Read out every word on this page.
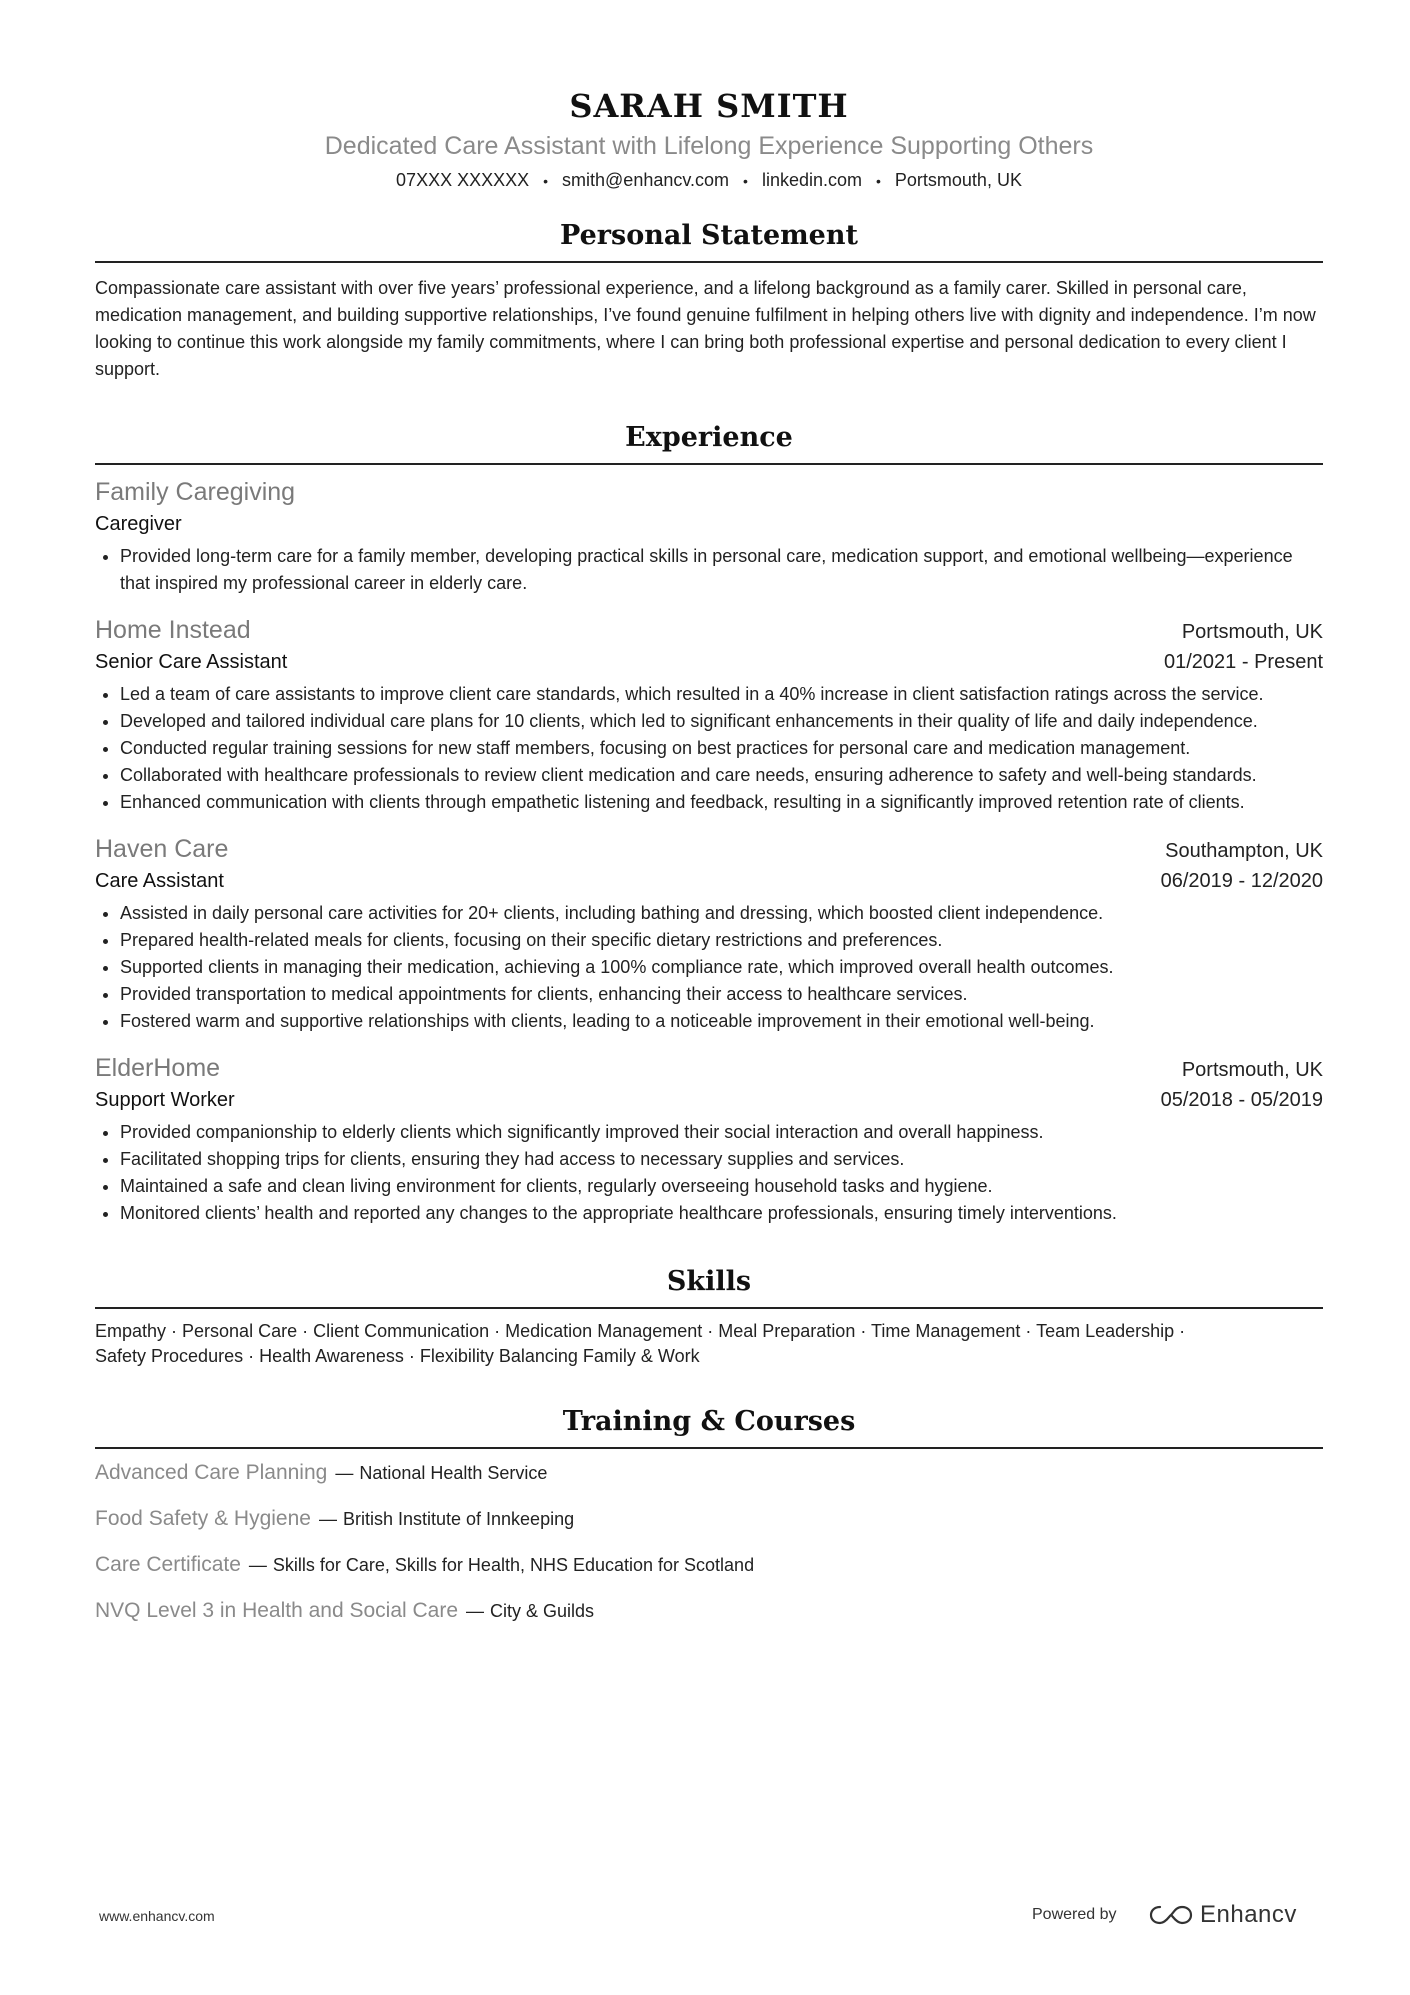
SARAH SMITH
Dedicated Care Assistant with Lifelong Experience Supporting Others
07XXX XXXXXX • smith@enhancv.com • linkedin.com • Portsmouth, UK
Personal Statement
Compassionate care assistant with over five years’ professional experience, and a lifelong background as a family carer. Skilled in personal care, medication management, and building supportive relationships, I’ve found genuine fulfilment in helping others live with dignity and independence. I’m now looking to continue this work alongside my family commitments, where I can bring both professional expertise and personal dedication to every client I support.
Experience
Family Caregiving
Caregiver
• Provided long-term care for a family member, developing practical skills in personal care, medication support, and emotional wellbeing—experience that inspired my professional career in elderly care.
Home Instead	Portsmouth, UK
Senior Care Assistant	01/2021 - Present
• Led a team of care assistants to improve client care standards, which resulted in a 40% increase in client satisfaction ratings across the service.
• Developed and tailored individual care plans for 10 clients, which led to significant enhancements in their quality of life and daily independence.
• Conducted regular training sessions for new staff members, focusing on best practices for personal care and medication management.
• Collaborated with healthcare professionals to review client medication and care needs, ensuring adherence to safety and well-being standards.
• Enhanced communication with clients through empathetic listening and feedback, resulting in a significantly improved retention rate of clients.
Haven Care	Southampton, UK
Care Assistant	06/2019 - 12/2020
• Assisted in daily personal care activities for 20+ clients, including bathing and dressing, which boosted client independence.
• Prepared health-related meals for clients, focusing on their specific dietary restrictions and preferences.
• Supported clients in managing their medication, achieving a 100% compliance rate, which improved overall health outcomes.
• Provided transportation to medical appointments for clients, enhancing their access to healthcare services.
• Fostered warm and supportive relationships with clients, leading to a noticeable improvement in their emotional well-being.
ElderHome	Portsmouth, UK
Support Worker	05/2018 - 05/2019
• Provided companionship to elderly clients which significantly improved their social interaction and overall happiness.
• Facilitated shopping trips for clients, ensuring they had access to necessary supplies and services.
• Maintained a safe and clean living environment for clients, regularly overseeing household tasks and hygiene.
• Monitored clients’ health and reported any changes to the appropriate healthcare professionals, ensuring timely interventions.
Skills
Empathy · Personal Care · Client Communication · Medication Management · Meal Preparation · Time Management · Team Leadership ·
Safety Procedures · Health Awareness · Flexibility Balancing Family & Work
Training & Courses
Advanced Care Planning — National Health Service
Food Safety & Hygiene — British Institute of Innkeeping
Care Certificate — Skills for Care, Skills for Health, NHS Education for Scotland
NVQ Level 3 in Health and Social Care — City & Guilds
www.enhancv.com	Powered by	Enhancv
